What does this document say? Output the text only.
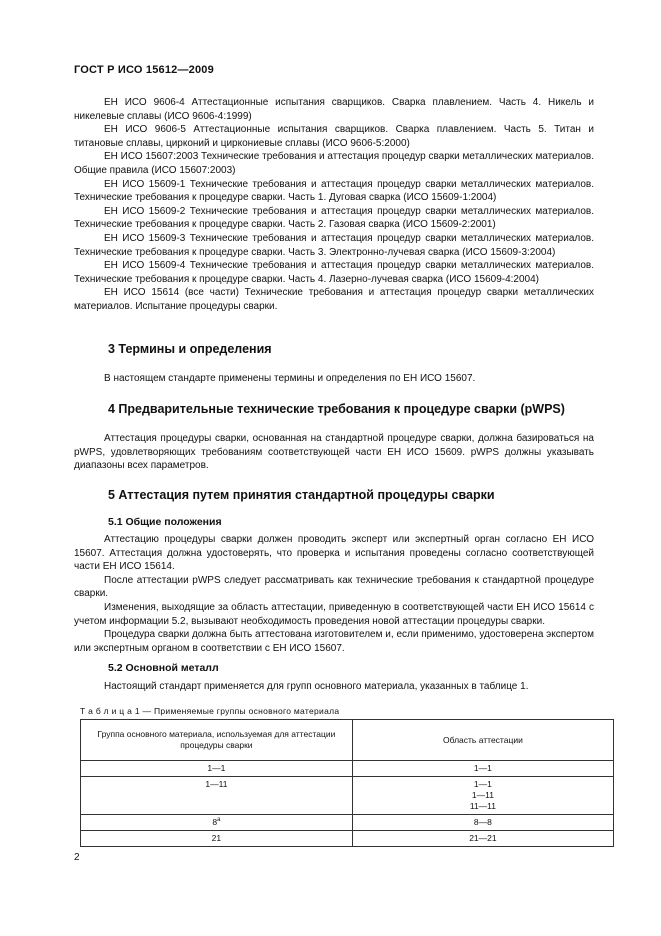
ГОСТ Р ИСО 15612—2009

ЕН ИСО 9606-4 Аттестационные испытания сварщиков. Сварка плавлением. Часть 4. Никель и никелевые сплавы (ИСО 9606-4:1999)

ЕН ИСО 9606-5 Аттестационные испытания сварщиков. Сварка плавлением. Часть 5. Титан и титановые сплавы, цирконий и циркониевые сплавы (ИСО 9606-5:2000)

ЕН ИСО 15607:2003 Технические требования и аттестация процедур сварки металлических материалов. Общие правила (ИСО 15607:2003)

ЕН ИСО 15609-1 Технические требования и аттестация процедур сварки металлических материалов. Технические требования к процедуре сварки. Часть 1. Дуговая сварка (ИСО 15609-1:2004)

ЕН ИСО 15609-2 Технические требования и аттестация процедур сварки металлических материалов. Технические требования к процедуре сварки. Часть 2. Газовая сварка (ИСО 15609-2:2001)

ЕН ИСО 15609-3 Технические требования и аттестация процедур сварки металлических материалов. Технические требования к процедуре сварки. Часть 3. Электронно-лучевая сварка (ИСО 15609-3:2004)

ЕН ИСО 15609-4 Технические требования и аттестация процедур сварки металлических материалов. Технические требования к процедуре сварки. Часть 4. Лазерно-лучевая сварка (ИСО 15609-4:2004)

ЕН ИСО 15614 (все части) Технические требования и аттестация процедур сварки металлических материалов. Испытание процедуры сварки.

3 Термины и определения

В настоящем стандарте применены термины и определения по ЕН ИСО 15607.

4 Предварительные технические требования к процедуре сварки (pWPS)

Аттестация процедуры сварки, основанная на стандартной процедуре сварки, должна базироваться на pWPS, удовлетворяющих требованиям соответствующей части ЕН ИСО 15609. pWPS должны указывать диапазоны всех параметров.

5 Аттестация путем принятия стандартной процедуры сварки
5.1 Общие положения

Аттестацию процедуры сварки должен проводить эксперт или экспертный орган согласно ЕН ИСО 15607. Аттестация должна удостоверять, что проверка и испытания проведены согласно соответствующей части ЕН ИСО 15614.

После аттестации pWPS следует рассматривать как технические требования к стандартной процедуре сварки.

Изменения, выходящие за область аттестации, приведенную в соответствующей части ЕН ИСО 15614 с учетом информации 5.2, вызывают необходимость проведения новой аттестации процедуры сварки.

Процедура сварки должна быть аттестована изготовителем и, если применимо, удостоверена экспертом или экспертным органом в соответствии с ЕН ИСО 15607.

5.2 Основной металл

Настоящий стандарт применяется для групп основного материала, указанных в таблице 1.

Т а б л и ц а 1 — Применяемые группы основного материала
Группа основного материала, используемая для аттестации процедуры сварки	Область аттестации
1—1	1—1

1—11	1—1
1—11
11—11

8$^a$	8—8

21	21—21
2
